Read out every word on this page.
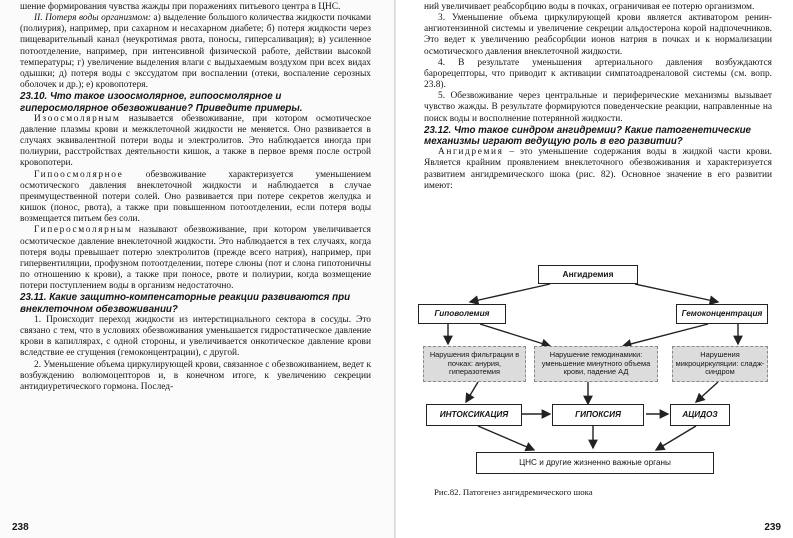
шение формирования чувства жажды при поражениях питьевого центра в ЦНС.

II. Потеря воды организмом: а) выделение большого количества жидкости почками (полиурия), например, при сахарном и несахарном диабете; б) потеря жидкости через пищеварительный канал (неукротимая рвота, поносы, гиперсаливация); в) усиленное потоотделение, например, при интенсивной физической работе, действии высокой температуры; г) увеличение выделения влаги с выдыхаемым воздухом при всех видах одышки; д) потеря воды с экссудатом при воспалении (отеки, воспаление серозных оболочек и др.); е) кровопотеря.

23.10. Что такое изоосмолярное, гипоосмолярное и гиперосмолярное обезвоживание? Приведите примеры.

Изоосмолярным называется обезвоживание, при котором осмотическое давление плазмы крови и межклеточной жидкости не меняется. Оно развивается в случаях эквивалентной потери воды и электролитов. Это наблюдается иногда при полиурии, расстройствах деятельности кишок, а также в первое время после острой кровопотери.

Гипоосмолярное обезвоживание характеризуется уменьшением осмотического давления внеклеточной жидкости и наблюдается в случае преимущественной потери солей. Оно развивается при потере секретов желудка и кишок (понос, рвота), а также при повышенном потоотделении, если потеря воды возмещается питьем без соли.

Гиперосмолярным называют обезвоживание, при котором увеличивается осмотическое давление внеклеточной жидкости. Это наблюдается в тех случаях, когда потеря воды превышает потерю электролитов (прежде всего натрия), например, при гипервентиляции, профузном потоотделении, потере слюны (пот и слона гипотоничны по отношению к крови), а также при поносе, рвоте и полиурии, когда возмещение потери поступлением воды в организм недостаточно.

23.11. Какие защитно-компенсаторные реакции развиваются при внеклеточном обезвоживании?

1. Происходит переход жидкости из интерстициального сектора в сосуды. Это связано с тем, что в условиях обезвоживания уменьшается гидростатическое давление крови в капиллярах, с одной стороны, и увеличивается онкотическое давление крови вследствие ее сгущения (гемоконцентрации), с другой.

2. Уменьшение объема циркулирующей крови, связанное с обезвоживанием, ведет к возбуждению волюмоцепторов и, в конечном итоге, к увеличению секреции антидиуретического гормона. Послед-

238

ний увеличивает реабсорбцию воды в почках, ограничивая ее потерю организмом.

3. Уменьшение объема циркулирующей крови является активатором ренин-ангиотензинной системы и увеличение секреции альдостерона корой надпочечников. Это ведет к увеличению реабсорбции ионов натрия в почках и к нормализации осмотического давления внеклеточной жидкости.

4. В результате уменьшения артериального давления возбуждаются барорецепторы, что приводит к активации симпатоадреналовой системы (см. вопр. 23.8).

5. Обезвоживание через центральные и периферические механизмы вызывает чувство жажды. В результате формируются поведенческие реакции, направленные на поиск воды и восполнение потерянной жидкости.

23.12. Что такое синдром ангидремии? Какие патогенетические механизмы играют ведущую роль в его развитии?

Ангидремия – это уменьшение содержания воды в жидкой части крови. Является крайним проявлением внеклеточного обезвоживания и характеризуется развитием ангидремического шока (рис. 82). Основное значение в его развитии имеют:

Ангидремия
Гиповолемия	Гемоконцентрация
Нарушения фильтрации в почках: анурия, гиперазотемия
Нарушение гемодинамики: уменьшение минутного объема крови, падение АД
Нарушения микроциркуляции: сладж-синдром
ИНТОКСИКАЦИЯ	ГИПОКСИЯ	АЦИДОЗ
ЦНС и другие жизненно важные органы
Рис.82. Патогенез ангидремического шока
239
